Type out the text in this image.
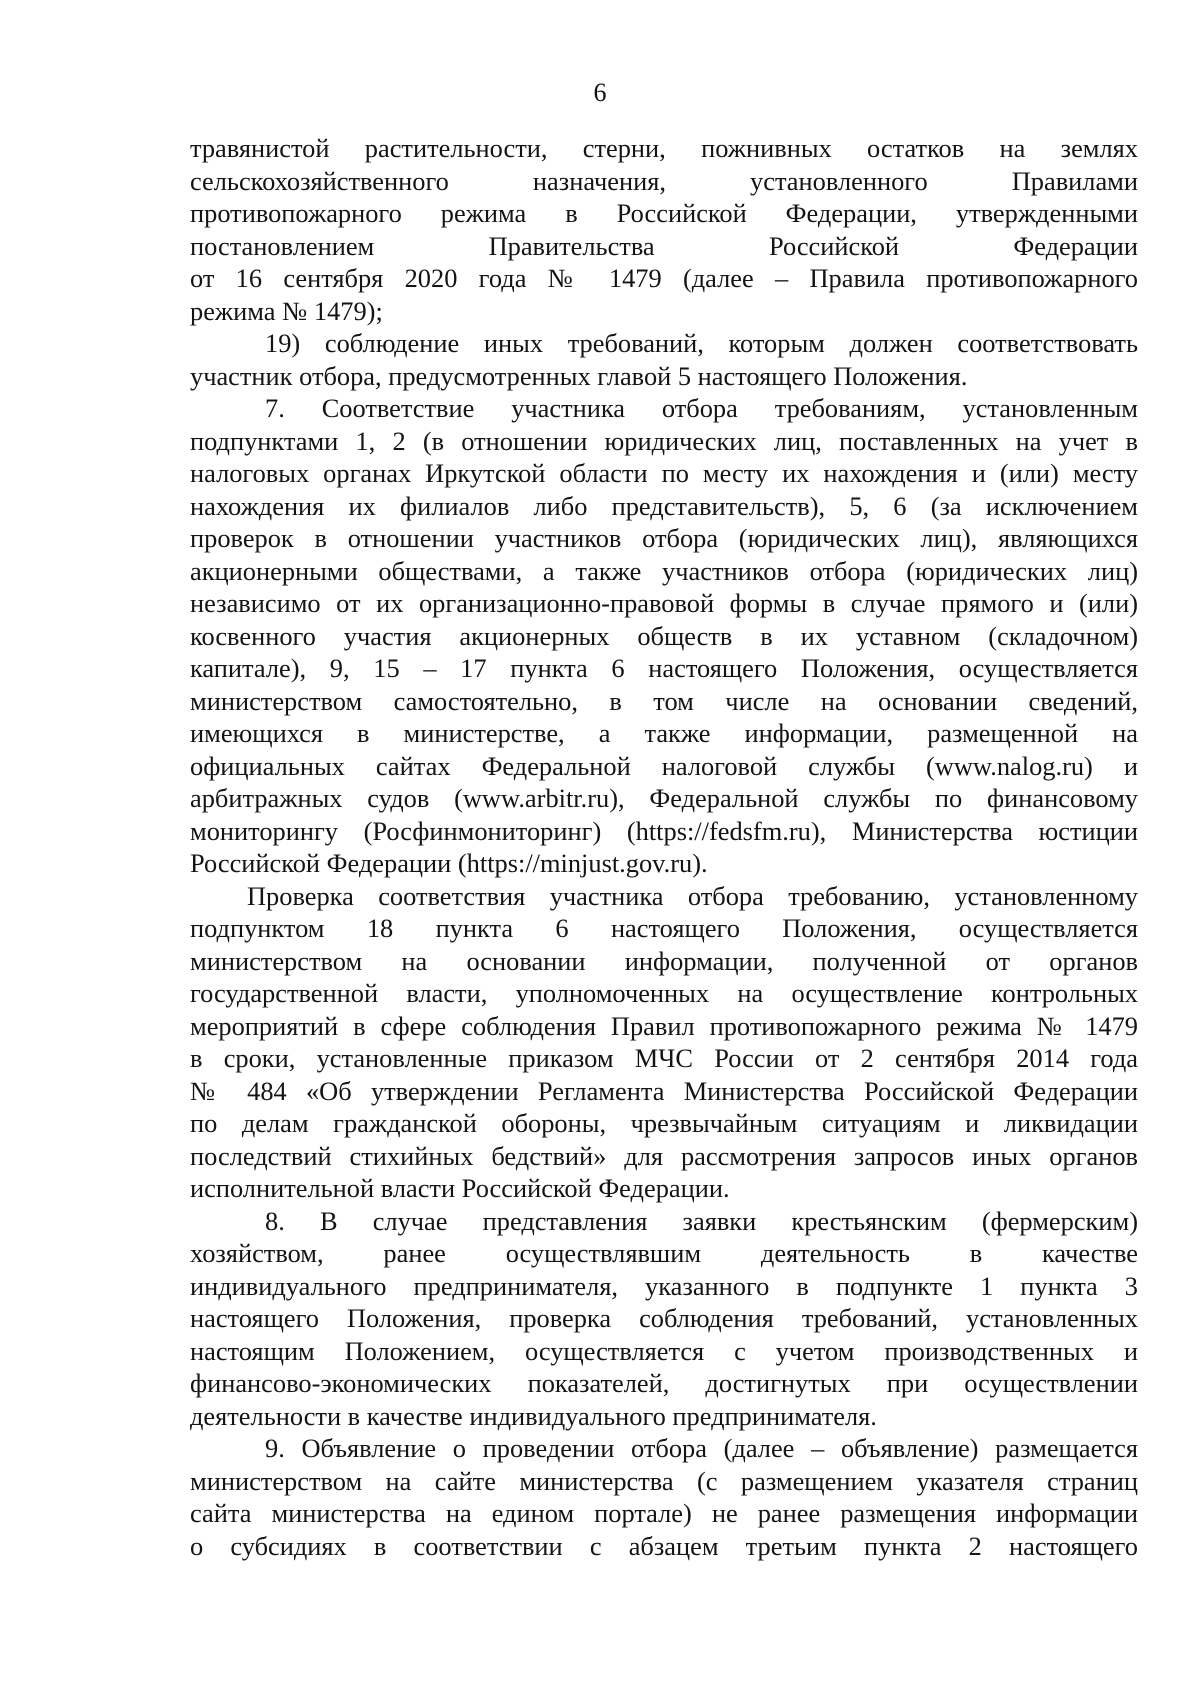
6
травянистой растительности, стерни, пожнивных остатков на землях
сельскохозяйственного назначения, установленного Правилами
противопожарного режима в Российской Федерации, утвержденными
постановлением Правительства Российской Федерации
от 16 сентября 2020 года № 1479 (далее – Правила противопожарного
режима № 1479);
19) соблюдение иных требований, которым должен соответствовать
участник отбора, предусмотренных главой 5 настоящего Положения.
7. Соответствие участника отбора требованиям, установленным
подпунктами 1, 2 (в отношении юридических лиц, поставленных на учет в
налоговых органах Иркутской области по месту их нахождения и (или) месту
нахождения их филиалов либо представительств), 5, 6 (за исключением
проверок в отношении участников отбора (юридических лиц), являющихся
акционерными обществами, а также участников отбора (юридических лиц)
независимо от их организационно-правовой формы в случае прямого и (или)
косвенного участия акционерных обществ в их уставном (складочном)
капитале), 9, 15 – 17 пункта 6 настоящего Положения, осуществляется
министерством самостоятельно, в том числе на основании сведений,
имеющихся в министерстве, а также информации, размещенной на
официальных сайтах Федеральной налоговой службы (www.nalog.ru) и
арбитражных судов (www.arbitr.ru), Федеральной службы по финансовому
мониторингу (Росфинмониторинг) (https://fedsfm.ru), Министерства юстиции
Российской Федерации (https://minjust.gov.ru).
Проверка соответствия участника отбора требованию, установленному
подпунктом 18 пункта 6 настоящего Положения, осуществляется
министерством на основании информации, полученной от органов
государственной власти, уполномоченных на осуществление контрольных
мероприятий в сфере соблюдения Правил противопожарного режима № 1479
в сроки, установленные приказом МЧС России от 2 сентября 2014 года
№ 484 «Об утверждении Регламента Министерства Российской Федерации
по делам гражданской обороны, чрезвычайным ситуациям и ликвидации
последствий стихийных бедствий» для рассмотрения запросов иных органов
исполнительной власти Российской Федерации.
8. В случае представления заявки крестьянским (фермерским)
хозяйством, ранее осуществлявшим деятельность в качестве
индивидуального предпринимателя, указанного в подпункте 1 пункта 3
настоящего Положения, проверка соблюдения требований, установленных
настоящим Положением, осуществляется с учетом производственных и
финансово-экономических показателей, достигнутых при осуществлении
деятельности в качестве индивидуального предпринимателя.
9. Объявление о проведении отбора (далее – объявление) размещается
министерством на сайте министерства (с размещением указателя страниц
сайта министерства на едином портале) не ранее размещения информации
о субсидиях в соответствии с абзацем третьим пункта 2 настоящего
